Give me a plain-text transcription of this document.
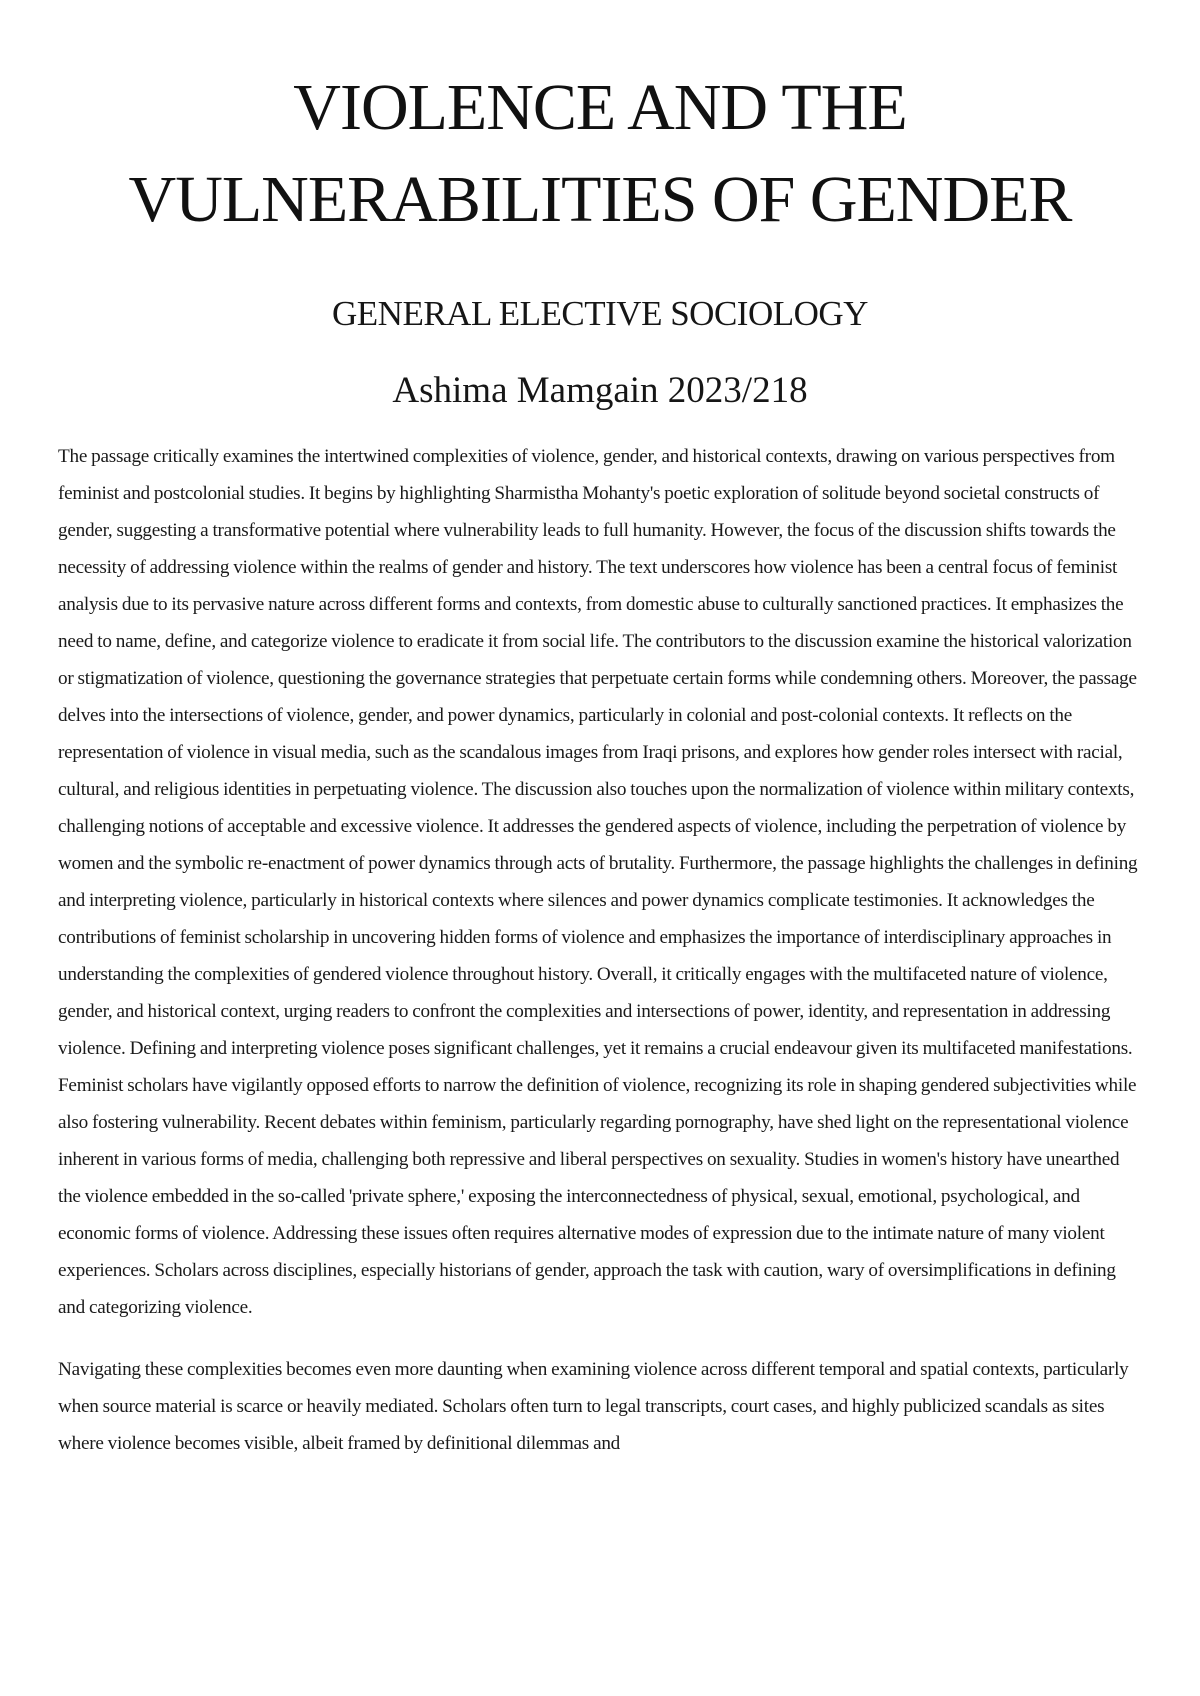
VIOLENCE AND THE
VULNERABILITIES OF GENDER
GENERAL ELECTIVE SOCIOLOGY
Ashima Mamgain 2023/218

The passage critically examines the intertwined complexities of violence, gender, and historical contexts, drawing on various perspectives from feminist and postcolonial studies. It begins by highlighting Sharmistha Mohanty's poetic exploration of solitude beyond societal constructs of gender, suggesting a transformative potential where vulnerability leads to full humanity. However, the focus of the discussion shifts towards the necessity of addressing violence within the realms of gender and history. The text underscores how violence has been a central focus of feminist analysis due to its pervasive nature across different forms and contexts, from domestic abuse to culturally sanctioned practices. It emphasizes the need to name, define, and categorize violence to eradicate it from social life. The contributors to the discussion examine the historical valorization or stigmatization of violence, questioning the governance strategies that perpetuate certain forms while condemning others. Moreover, the passage delves into the intersections of violence, gender, and power dynamics, particularly in colonial and post-colonial contexts. It reflects on the representation of violence in visual media, such as the scandalous images from Iraqi prisons, and explores how gender roles intersect with racial, cultural, and religious identities in perpetuating violence. The discussion also touches upon the normalization of violence within military contexts, challenging notions of acceptable and excessive violence. It addresses the gendered aspects of violence, including the perpetration of violence by women and the symbolic re-enactment of power dynamics through acts of brutality. Furthermore, the passage highlights the challenges in defining and interpreting violence, particularly in historical contexts where silences and power dynamics complicate testimonies. It acknowledges the contributions of feminist scholarship in uncovering hidden forms of violence and emphasizes the importance of interdisciplinary approaches in understanding the complexities of gendered violence throughout history. Overall, it critically engages with the multifaceted nature of violence, gender, and historical context, urging readers to confront the complexities and intersections of power, identity, and representation in addressing violence. Defining and interpreting violence poses significant challenges, yet it remains a crucial endeavour given its multifaceted manifestations. Feminist scholars have vigilantly opposed efforts to narrow the definition of violence, recognizing its role in shaping gendered subjectivities while also fostering vulnerability. Recent debates within feminism, particularly regarding pornography, have shed light on the representational violence inherent in various forms of media, challenging both repressive and liberal perspectives on sexuality. Studies in women's history have unearthed the violence embedded in the so-called 'private sphere,' exposing the interconnectedness of physical, sexual, emotional, psychological, and economic forms of violence. Addressing these issues often requires alternative modes of expression due to the intimate nature of many violent experiences. Scholars across disciplines, especially historians of gender, approach the task with caution, wary of oversimplifications in defining and categorizing violence.

Navigating these complexities becomes even more daunting when examining violence across different temporal and spatial contexts, particularly when source material is scarce or heavily mediated. Scholars often turn to legal transcripts, court cases, and highly publicized scandals as sites where violence becomes visible, albeit framed by definitional dilemmas and
